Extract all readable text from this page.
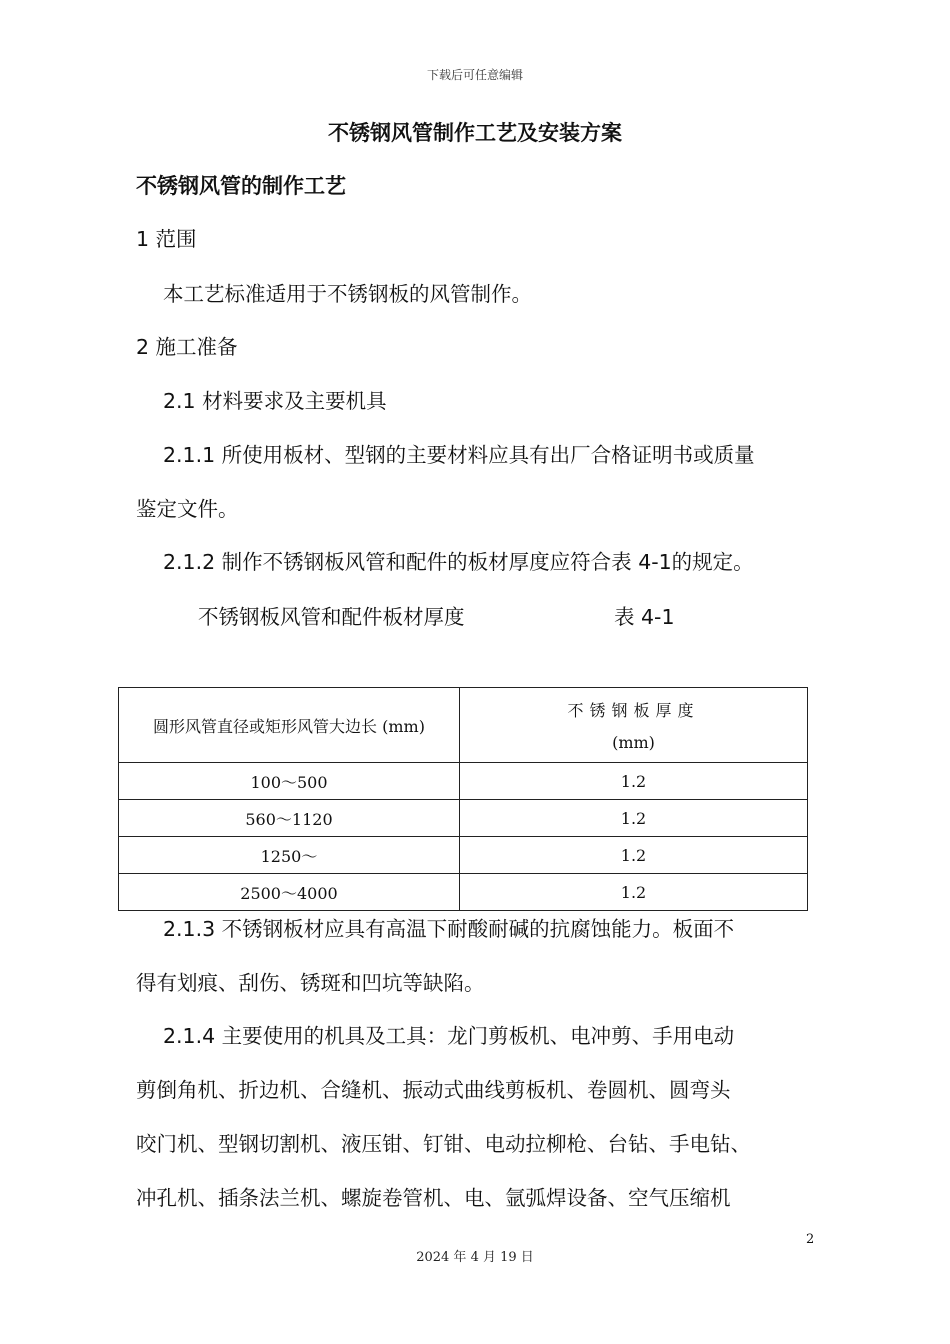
下载后可任意编辑
不锈钢风管制作工艺及安装方案
不锈钢风管的制作工艺
1 范围
本工艺标准适用于不锈钢板的风管制作。
2 施工准备
2.1 材料要求及主要机具
2.1.1 所使用板材、型钢的主要材料应具有出厂合格证明书或质量
鉴定文件。
2.1.2 制作不锈钢板风管和配件的板材厚度应符合表 4-1的规定。
不锈钢板风管和配件板材厚度	表 4-1
圆形风管直径或矩形风管大边长 (mm)	不锈钢板厚度
(mm)

100～500	1.2
560～1120	1.2
1250～	1.2
2500～4000	1.2
2.1.3 不锈钢板材应具有高温下耐酸耐碱的抗腐蚀能力。板面不
得有划痕、刮伤、锈斑和凹坑等缺陷。
2.1.4 主要使用的机具及工具：龙门剪板机、电冲剪、手用电动
剪倒角机、折边机、合缝机、振动式曲线剪板机、卷圆机、圆弯头
咬门机、型钢切割机、液压钳、钉钳、电动拉柳枪、台钻、手电钻、
冲孔机、插条法兰机、螺旋卷管机、电、氩弧焊设备、空气压缩机
2
2024 年 4 月 19 日
